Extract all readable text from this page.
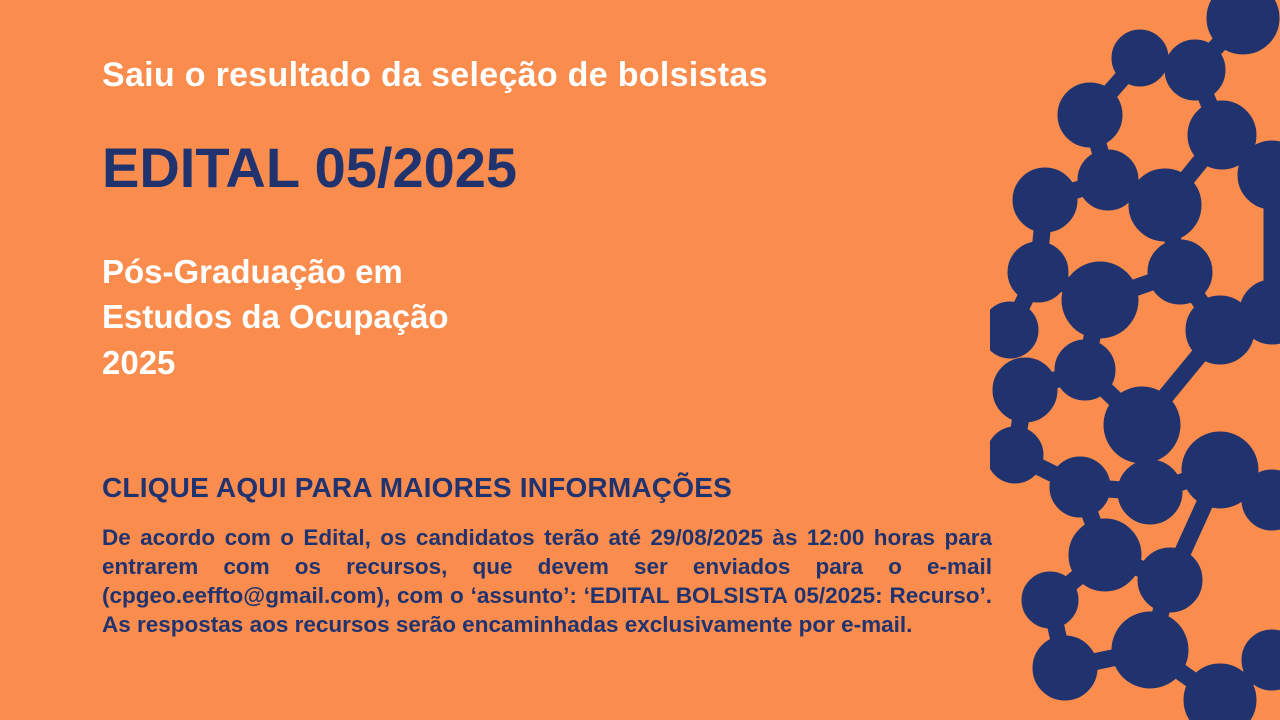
Saiu o resultado da seleção de bolsistas
EDITAL 05/2025
Pós-Graduação em
Estudos da Ocupação
2025
CLIQUE AQUI PARA MAIORES INFORMAÇÕES
De acordo com o Edital, os candidatos terão até 29/08/2025 às 12:00 horas para entrarem com os recursos, que devem ser enviados para o e-mail (cpgeo.eeffto@gmail.com), com o ‘assunto’: ‘EDITAL BOLSISTA 05/2025: Recurso’. As respostas aos recursos serão encaminhadas exclusivamente por e-mail.
